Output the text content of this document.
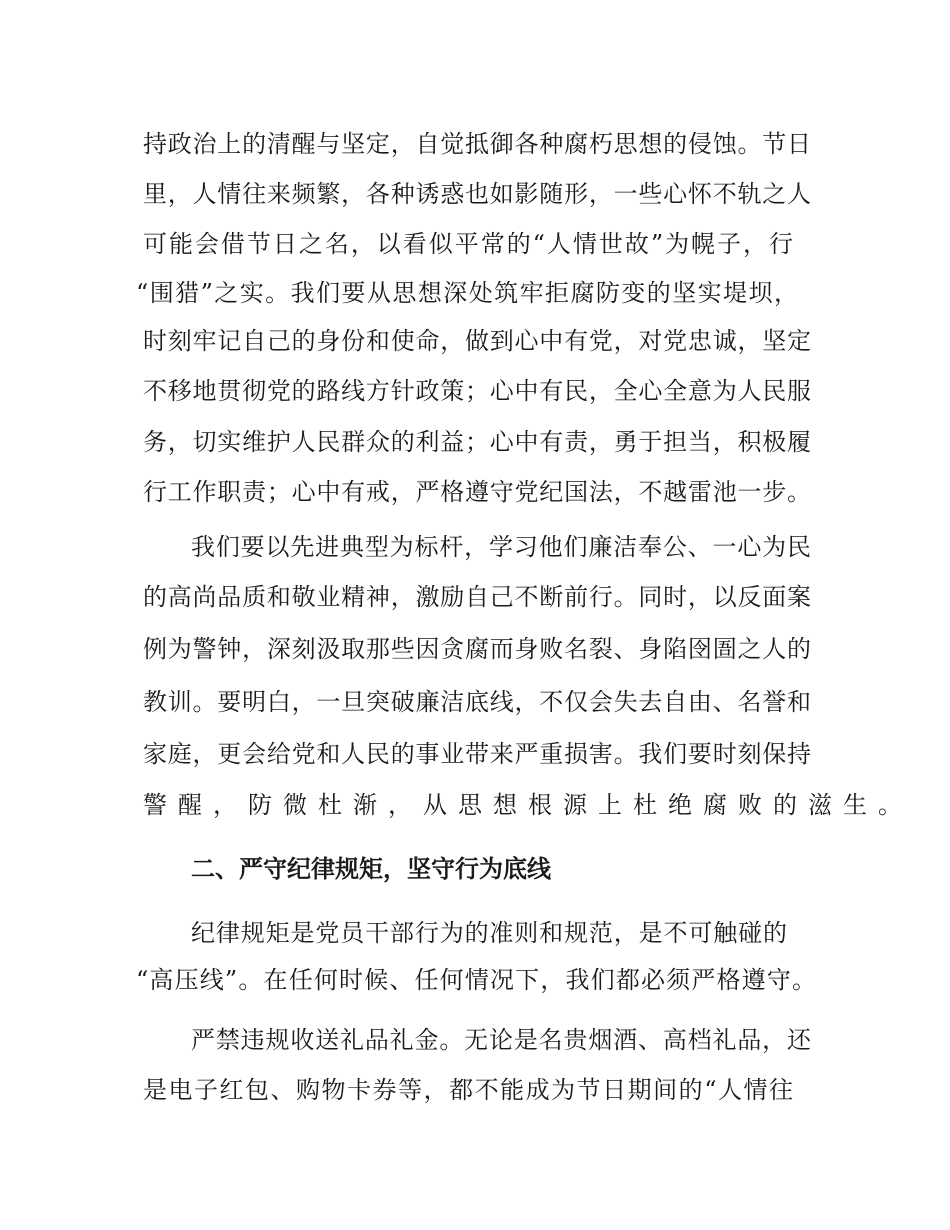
持政治上的清醒与坚定，自觉抵御各种腐朽思想的侵蚀。节日
里，人情往来频繁，各种诱惑也如影随形，一些心怀不轨之人
可能会借节日之名，以看似平常的“人情世故”为幌子，行
“围猎”之实。我们要从思想深处筑牢拒腐防变的坚实堤坝，
时刻牢记自己的身份和使命，做到心中有党，对党忠诚，坚定
不移地贯彻党的路线方针政策；心中有民，全心全意为人民服
务，切实维护人民群众的利益；心中有责，勇于担当，积极履
行工作职责；心中有戒，严格遵守党纪国法，不越雷池一步。
我们要以先进典型为标杆，学习他们廉洁奉公、一心为民
的高尚品质和敬业精神，激励自己不断前行。同时，以反面案
例为警钟，深刻汲取那些因贪腐而身败名裂、身陷囹圄之人的
教训。要明白，一旦突破廉洁底线，不仅会失去自由、名誉和
家庭，更会给党和人民的事业带来严重损害。我们要时刻保持
警醒，防微杜渐，从思想根源上杜绝腐败的滋生。
二、严守纪律规矩，坚守行为底线
纪律规矩是党员干部行为的准则和规范，是不可触碰的
“高压线”。在任何时候、任何情况下，我们都必须严格遵守。
严禁违规收送礼品礼金。无论是名贵烟酒、高档礼品，还
是电子红包、购物卡券等，都不能成为节日期间的“人情往
